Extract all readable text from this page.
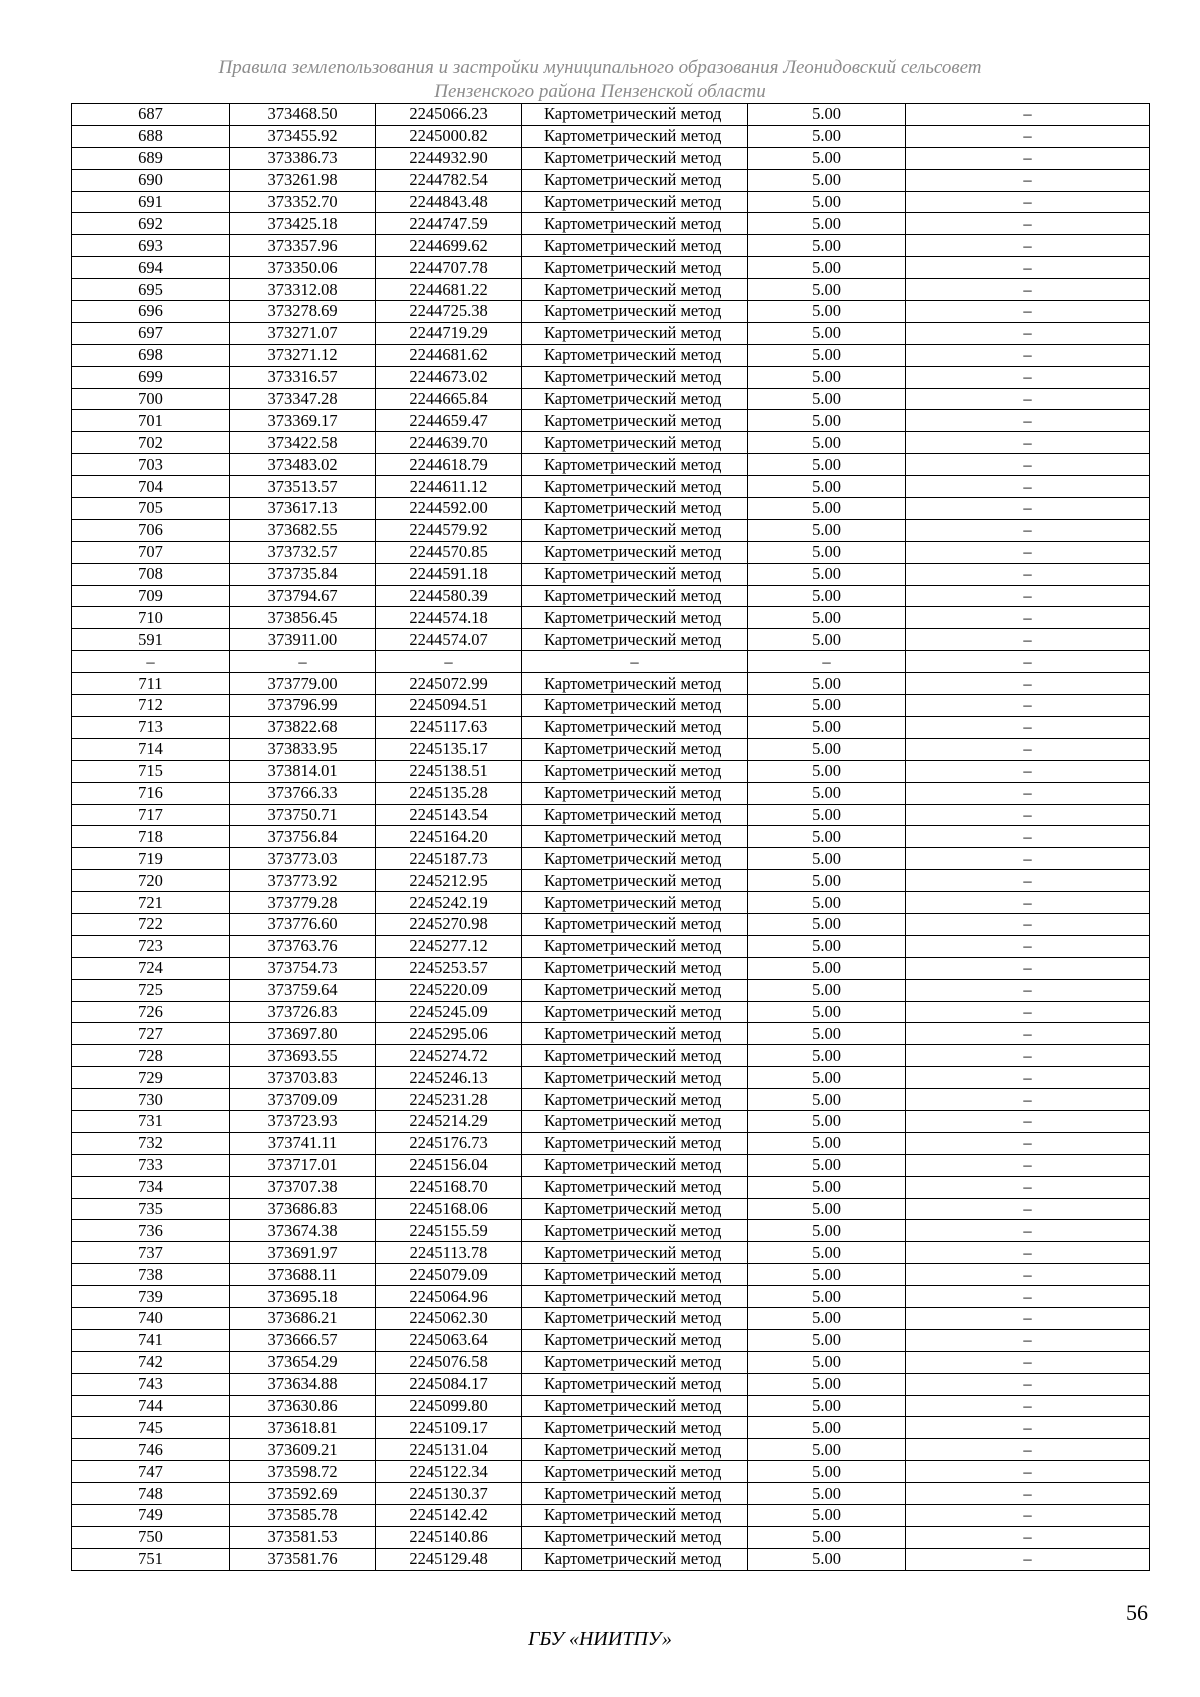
Правила землепользования и застройки муниципального образования Леонидовский сельсовет
Пензенского района Пензенской области
687	373468.50	2245066.23	Картометрический метод	5.00	–
688	373455.92	2245000.82	Картометрический метод	5.00	–
689	373386.73	2244932.90	Картометрический метод	5.00	–
690	373261.98	2244782.54	Картометрический метод	5.00	–
691	373352.70	2244843.48	Картометрический метод	5.00	–
692	373425.18	2244747.59	Картометрический метод	5.00	–
693	373357.96	2244699.62	Картометрический метод	5.00	–
694	373350.06	2244707.78	Картометрический метод	5.00	–
695	373312.08	2244681.22	Картометрический метод	5.00	–
696	373278.69	2244725.38	Картометрический метод	5.00	–
697	373271.07	2244719.29	Картометрический метод	5.00	–
698	373271.12	2244681.62	Картометрический метод	5.00	–
699	373316.57	2244673.02	Картометрический метод	5.00	–
700	373347.28	2244665.84	Картометрический метод	5.00	–
701	373369.17	2244659.47	Картометрический метод	5.00	–
702	373422.58	2244639.70	Картометрический метод	5.00	–
703	373483.02	2244618.79	Картометрический метод	5.00	–
704	373513.57	2244611.12	Картометрический метод	5.00	–
705	373617.13	2244592.00	Картометрический метод	5.00	–
706	373682.55	2244579.92	Картометрический метод	5.00	–
707	373732.57	2244570.85	Картометрический метод	5.00	–
708	373735.84	2244591.18	Картометрический метод	5.00	–
709	373794.67	2244580.39	Картометрический метод	5.00	–
710	373856.45	2244574.18	Картометрический метод	5.00	–
591	373911.00	2244574.07	Картометрический метод	5.00	–
–	–	–	–	–	–
711	373779.00	2245072.99	Картометрический метод	5.00	–
712	373796.99	2245094.51	Картометрический метод	5.00	–
713	373822.68	2245117.63	Картометрический метод	5.00	–
714	373833.95	2245135.17	Картометрический метод	5.00	–
715	373814.01	2245138.51	Картометрический метод	5.00	–
716	373766.33	2245135.28	Картометрический метод	5.00	–
717	373750.71	2245143.54	Картометрический метод	5.00	–
718	373756.84	2245164.20	Картометрический метод	5.00	–
719	373773.03	2245187.73	Картометрический метод	5.00	–
720	373773.92	2245212.95	Картометрический метод	5.00	–
721	373779.28	2245242.19	Картометрический метод	5.00	–
722	373776.60	2245270.98	Картометрический метод	5.00	–
723	373763.76	2245277.12	Картометрический метод	5.00	–
724	373754.73	2245253.57	Картометрический метод	5.00	–
725	373759.64	2245220.09	Картометрический метод	5.00	–
726	373726.83	2245245.09	Картометрический метод	5.00	–
727	373697.80	2245295.06	Картометрический метод	5.00	–
728	373693.55	2245274.72	Картометрический метод	5.00	–
729	373703.83	2245246.13	Картометрический метод	5.00	–
730	373709.09	2245231.28	Картометрический метод	5.00	–
731	373723.93	2245214.29	Картометрический метод	5.00	–
732	373741.11	2245176.73	Картометрический метод	5.00	–
733	373717.01	2245156.04	Картометрический метод	5.00	–
734	373707.38	2245168.70	Картометрический метод	5.00	–
735	373686.83	2245168.06	Картометрический метод	5.00	–
736	373674.38	2245155.59	Картометрический метод	5.00	–
737	373691.97	2245113.78	Картометрический метод	5.00	–
738	373688.11	2245079.09	Картометрический метод	5.00	–
739	373695.18	2245064.96	Картометрический метод	5.00	–
740	373686.21	2245062.30	Картометрический метод	5.00	–
741	373666.57	2245063.64	Картометрический метод	5.00	–
742	373654.29	2245076.58	Картометрический метод	5.00	–
743	373634.88	2245084.17	Картометрический метод	5.00	–
744	373630.86	2245099.80	Картометрический метод	5.00	–
745	373618.81	2245109.17	Картометрический метод	5.00	–
746	373609.21	2245131.04	Картометрический метод	5.00	–
747	373598.72	2245122.34	Картометрический метод	5.00	–
748	373592.69	2245130.37	Картометрический метод	5.00	–
749	373585.78	2245142.42	Картометрический метод	5.00	–
750	373581.53	2245140.86	Картометрический метод	5.00	–
751	373581.76	2245129.48	Картометрический метод	5.00	–
56
ГБУ «НИИТПУ»
